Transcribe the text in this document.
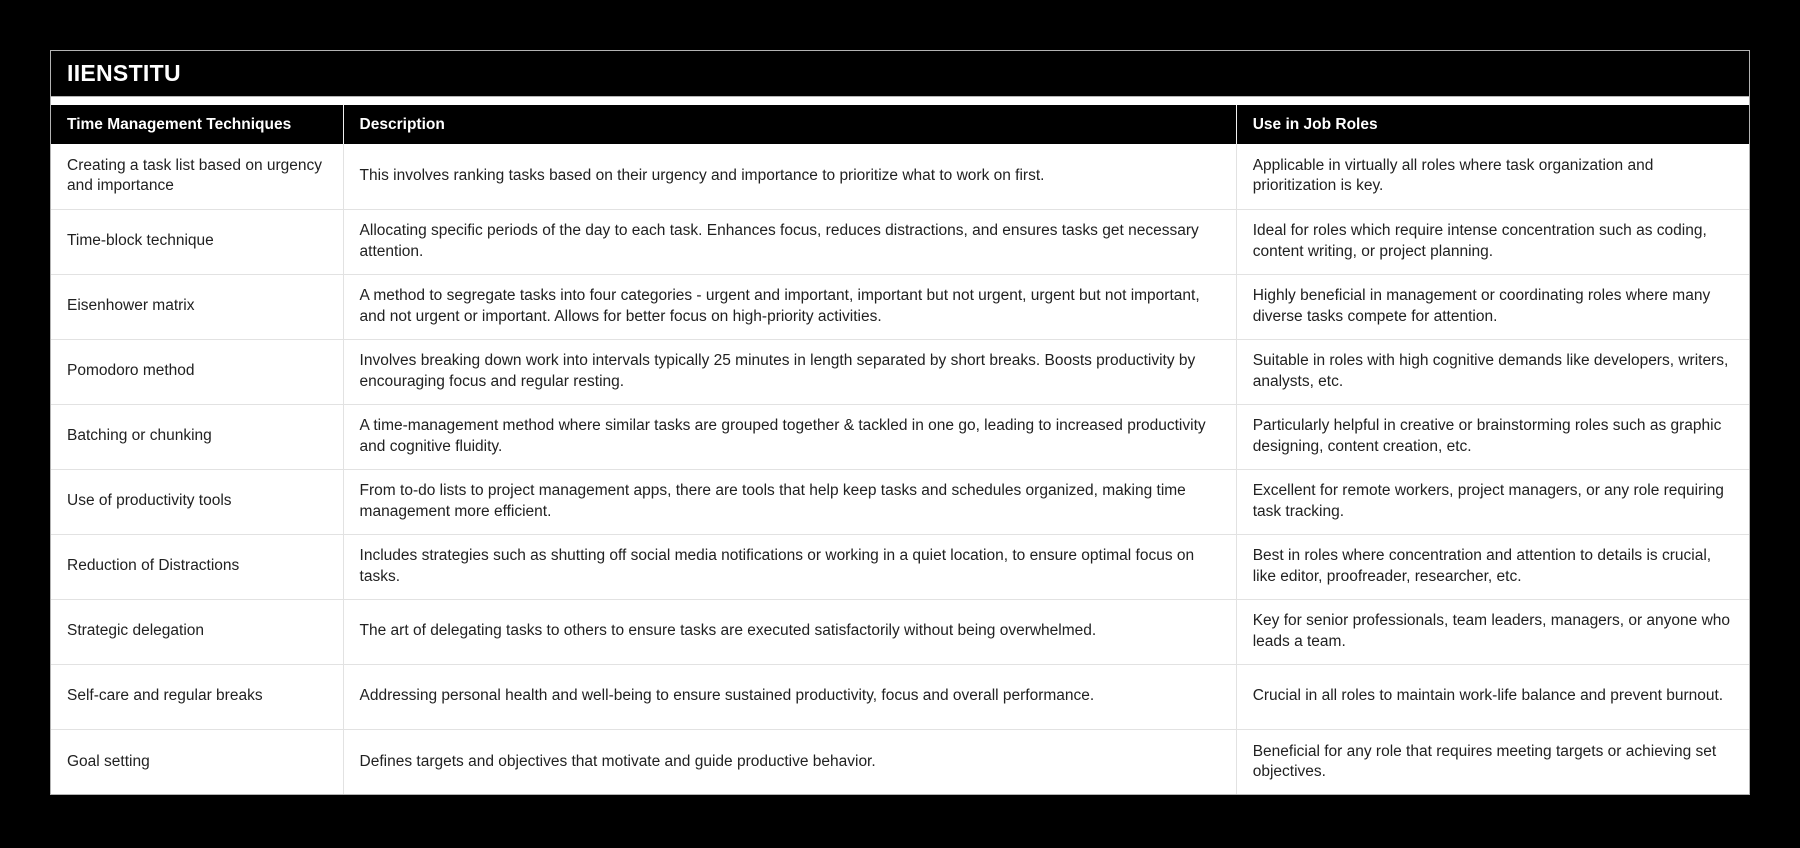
IIENSTITU
Time Management Techniques	Description	Use in Job Roles
Creating a task list based on urgency and importance	This involves ranking tasks based on their urgency and importance to prioritize what to work on first.	Applicable in virtually all roles where task organization and prioritization is key.
Time-block technique	Allocating specific periods of the day to each task. Enhances focus, reduces distractions, and ensures tasks get necessary attention.	Ideal for roles which require intense concentration such as coding, content writing, or project planning.
Eisenhower matrix	A method to segregate tasks into four categories - urgent and important, important but not urgent, urgent but not important, and not urgent or important. Allows for better focus on high-priority activities.	Highly beneficial in management or coordinating roles where many diverse tasks compete for attention.
Pomodoro method	Involves breaking down work into intervals typically 25 minutes in length separated by short breaks. Boosts productivity by encouraging focus and regular resting.	Suitable in roles with high cognitive demands like developers, writers, analysts, etc.
Batching or chunking	A time-management method where similar tasks are grouped together & tackled in one go, leading to increased productivity and cognitive fluidity.	Particularly helpful in creative or brainstorming roles such as graphic designing, content creation, etc.
Use of productivity tools	From to-do lists to project management apps, there are tools that help keep tasks and schedules organized, making time management more efficient.	Excellent for remote workers, project managers, or any role requiring task tracking.
Reduction of Distractions	Includes strategies such as shutting off social media notifications or working in a quiet location, to ensure optimal focus on tasks.	Best in roles where concentration and attention to details is crucial, like editor, proofreader, researcher, etc.
Strategic delegation	The art of delegating tasks to others to ensure tasks are executed satisfactorily without being overwhelmed.	Key for senior professionals, team leaders, managers, or anyone who leads a team.
Self-care and regular breaks	Addressing personal health and well-being to ensure sustained productivity, focus and overall performance.	Crucial in all roles to maintain work-life balance and prevent burnout.
Goal setting	Defines targets and objectives that motivate and guide productive behavior.	Beneficial for any role that requires meeting targets or achieving set objectives.
